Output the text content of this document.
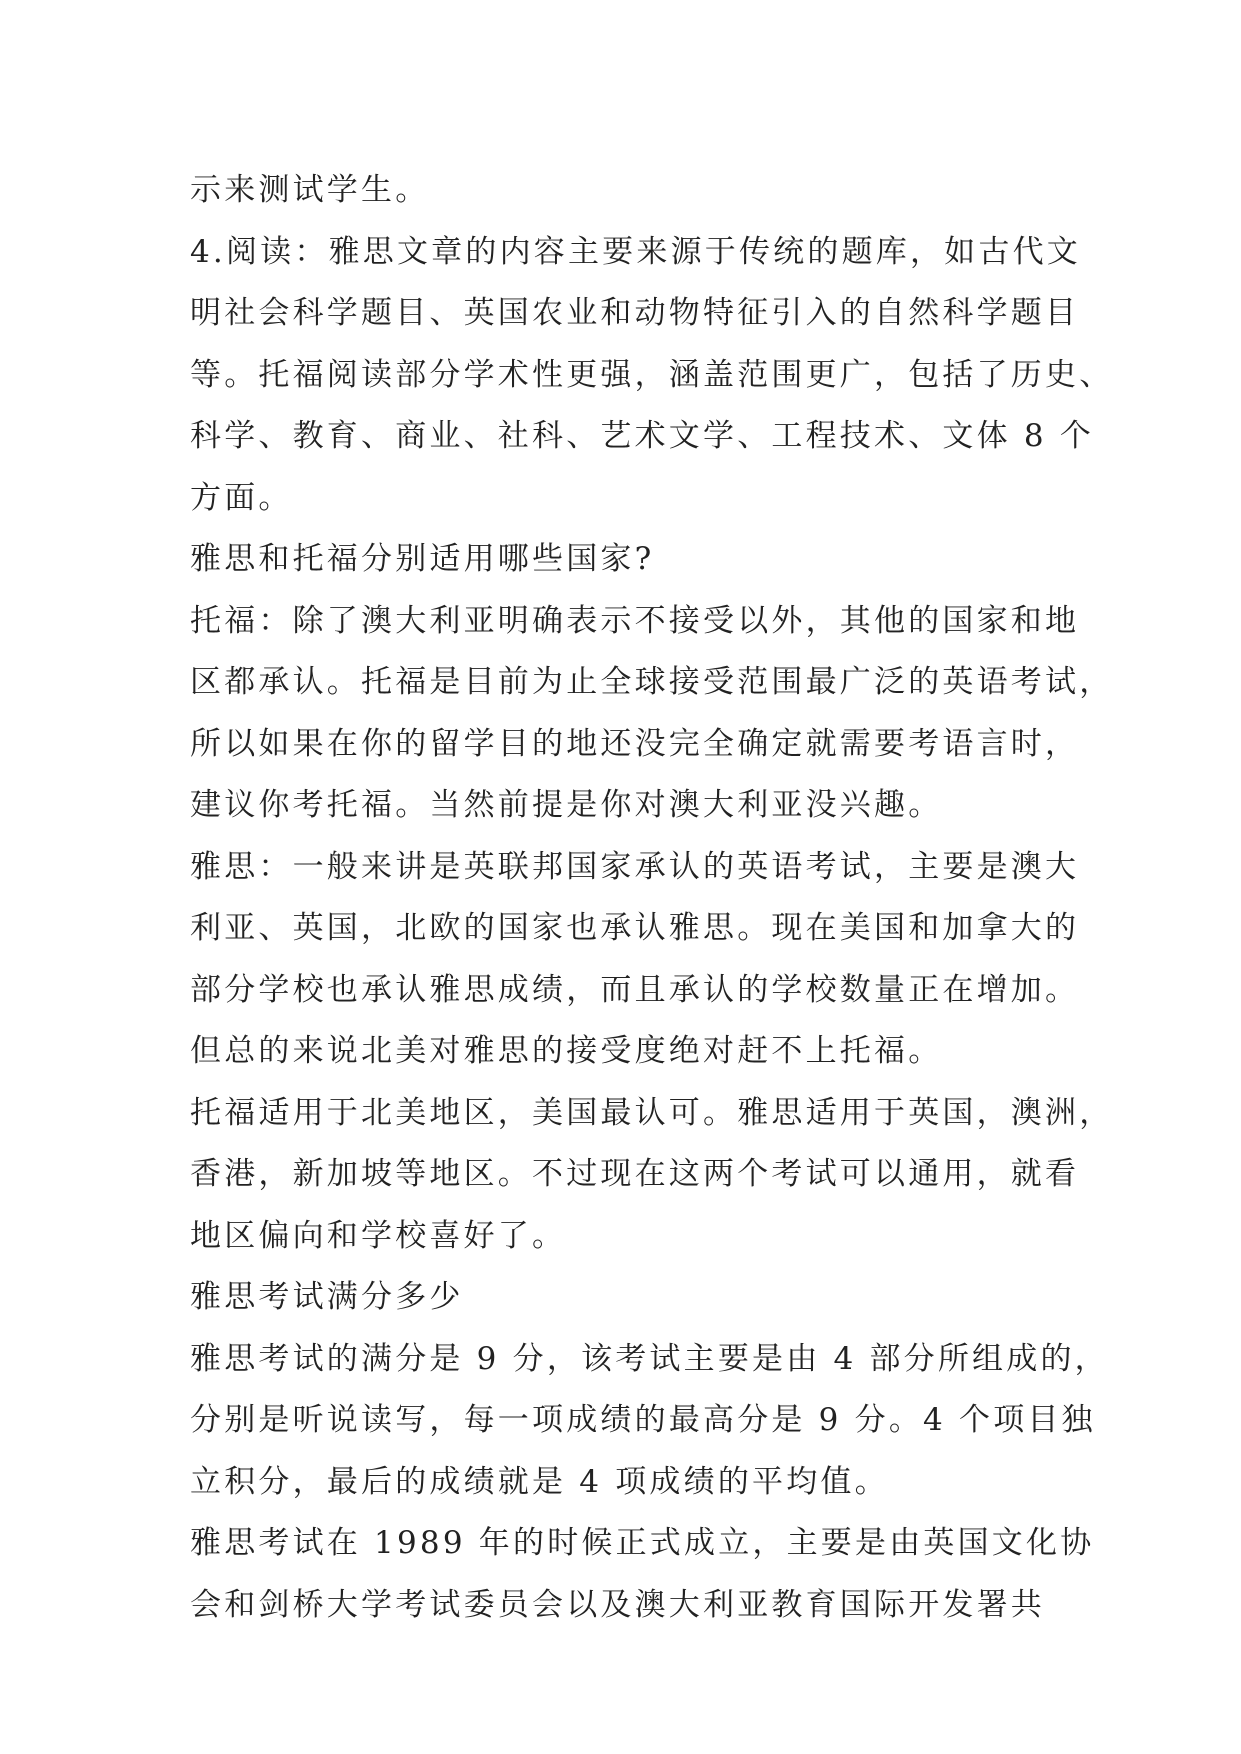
示来测试学生。
4.阅读：雅思文章的内容主要来源于传统的题库，如古代文
明社会科学题目、英国农业和动物特征引入的自然科学题目
等。托福阅读部分学术性更强，涵盖范围更广，包括了历史、
科学、教育、商业、社科、艺术文学、工程技术、文体 8 个
方面。
雅思和托福分别适用哪些国家?
托福：除了澳大利亚明确表示不接受以外，其他的国家和地
区都承认。托福是目前为止全球接受范围最广泛的英语考试，
所以如果在你的留学目的地还没完全确定就需要考语言时，
建议你考托福。当然前提是你对澳大利亚没兴趣。
雅思：一般来讲是英联邦国家承认的英语考试，主要是澳大
利亚、英国，北欧的国家也承认雅思。现在美国和加拿大的
部分学校也承认雅思成绩，而且承认的学校数量正在增加。
但总的来说北美对雅思的接受度绝对赶不上托福。
托福适用于北美地区，美国最认可。雅思适用于英国，澳洲，
香港，新加坡等地区。不过现在这两个考试可以通用，就看
地区偏向和学校喜好了。
雅思考试满分多少
雅思考试的满分是 9 分，该考试主要是由 4 部分所组成的，
分别是听说读写，每一项成绩的最高分是 9 分。4 个项目独
立积分，最后的成绩就是 4 项成绩的平均值。
雅思考试在 1989 年的时候正式成立，主要是由英国文化协
会和剑桥大学考试委员会以及澳大利亚教育国际开发署共
